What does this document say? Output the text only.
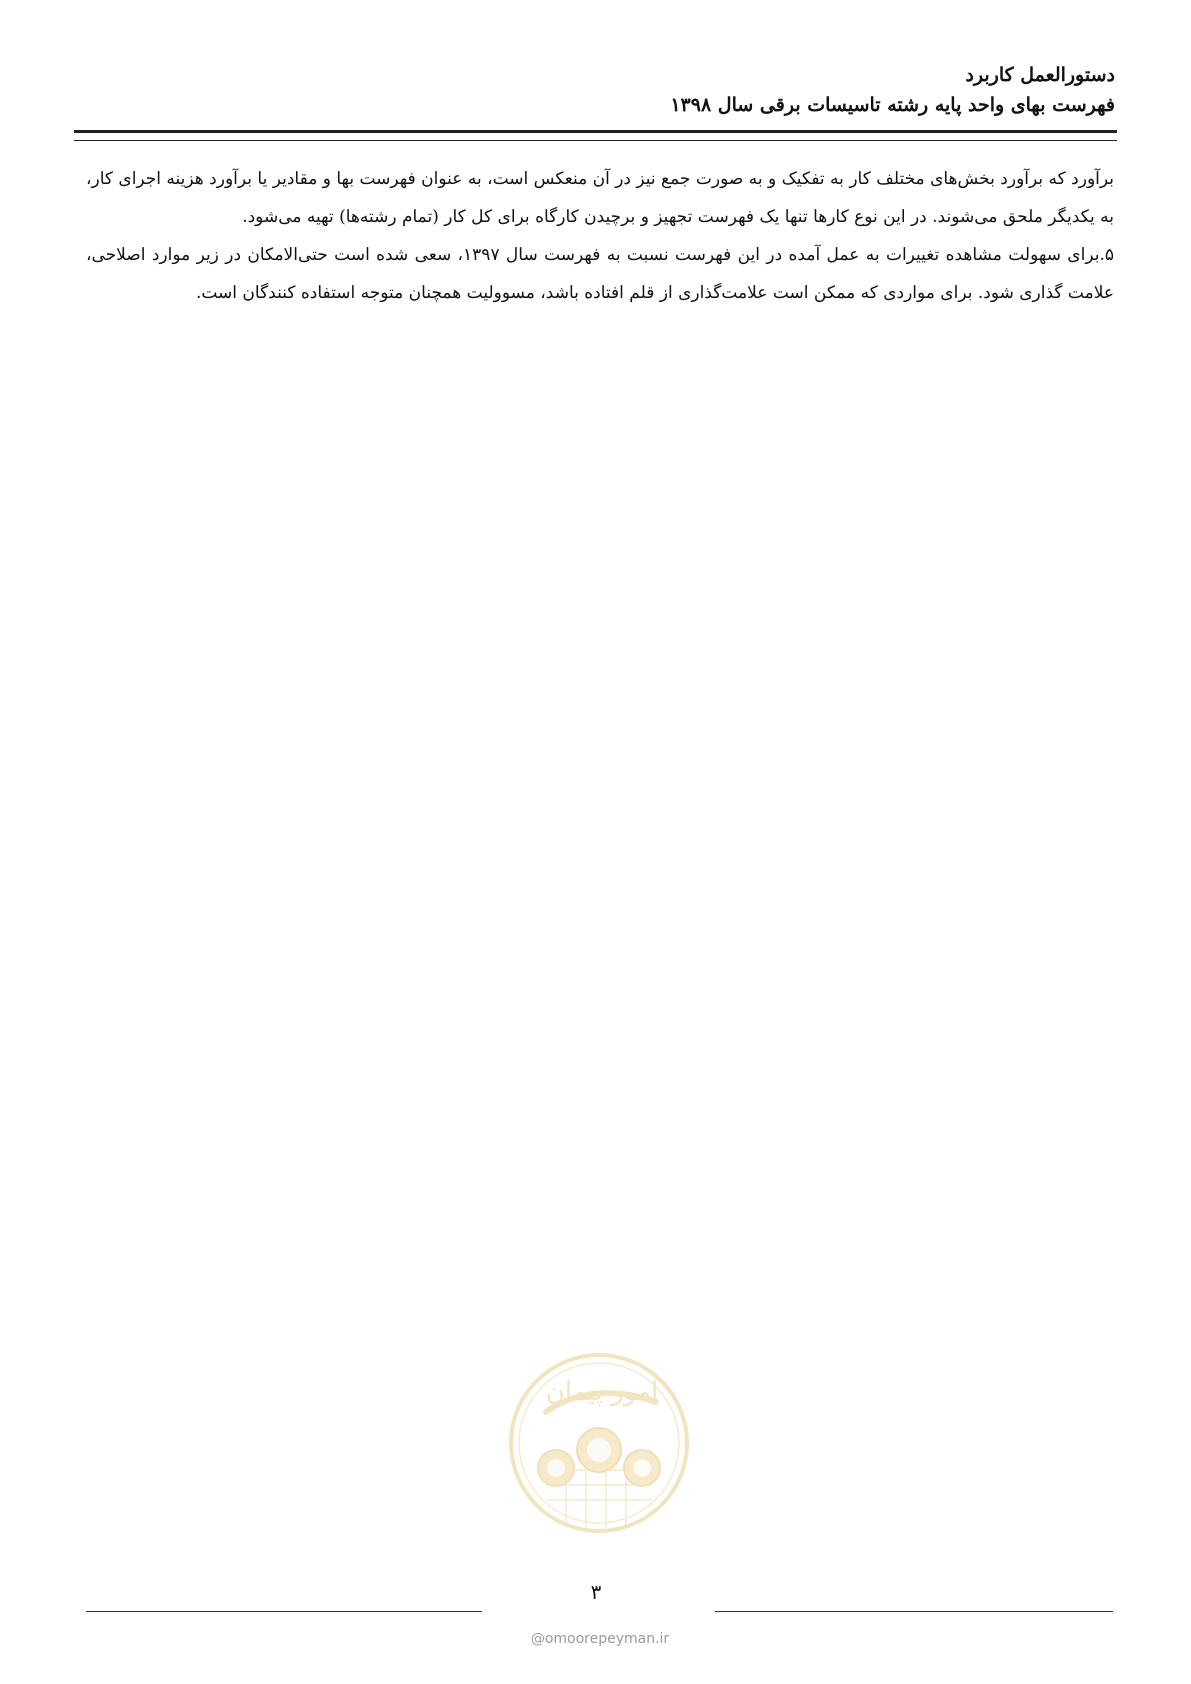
دستورالعمل کاربرد
فهرست بهای واحد پایه رشته تاسیسات برقی سال ۱۳۹۸

برآورد که برآورد بخش‌های مختلف کار به تفکیک و به صورت جمع نیز در آن منعکس است، به عنوان فهرست بها و مقادیر یا برآورد هزینه اجرای کار، به یکدیگر ملحق می‌شوند. در این نوع کارها تنها یک فهرست تجهیز و برچیدن کارگاه برای کل کار (تمام رشته‌ها) تهیه می‌شود.

۵.برای سهولت مشاهده تغییرات به عمل آمده در این فهرست نسبت به فهرست سال ۱۳۹۷، سعی شده است حتی‌الامکان در زیر موارد اصلاحی، علامت گذاری شود. برای مواردی که ممکن است علامت‌گذاری از قلم افتاده باشد، مسوولیت همچنان متوجه استفاده کنندگان است.

امور پیمان
۳
@omoorepeyman.ir
